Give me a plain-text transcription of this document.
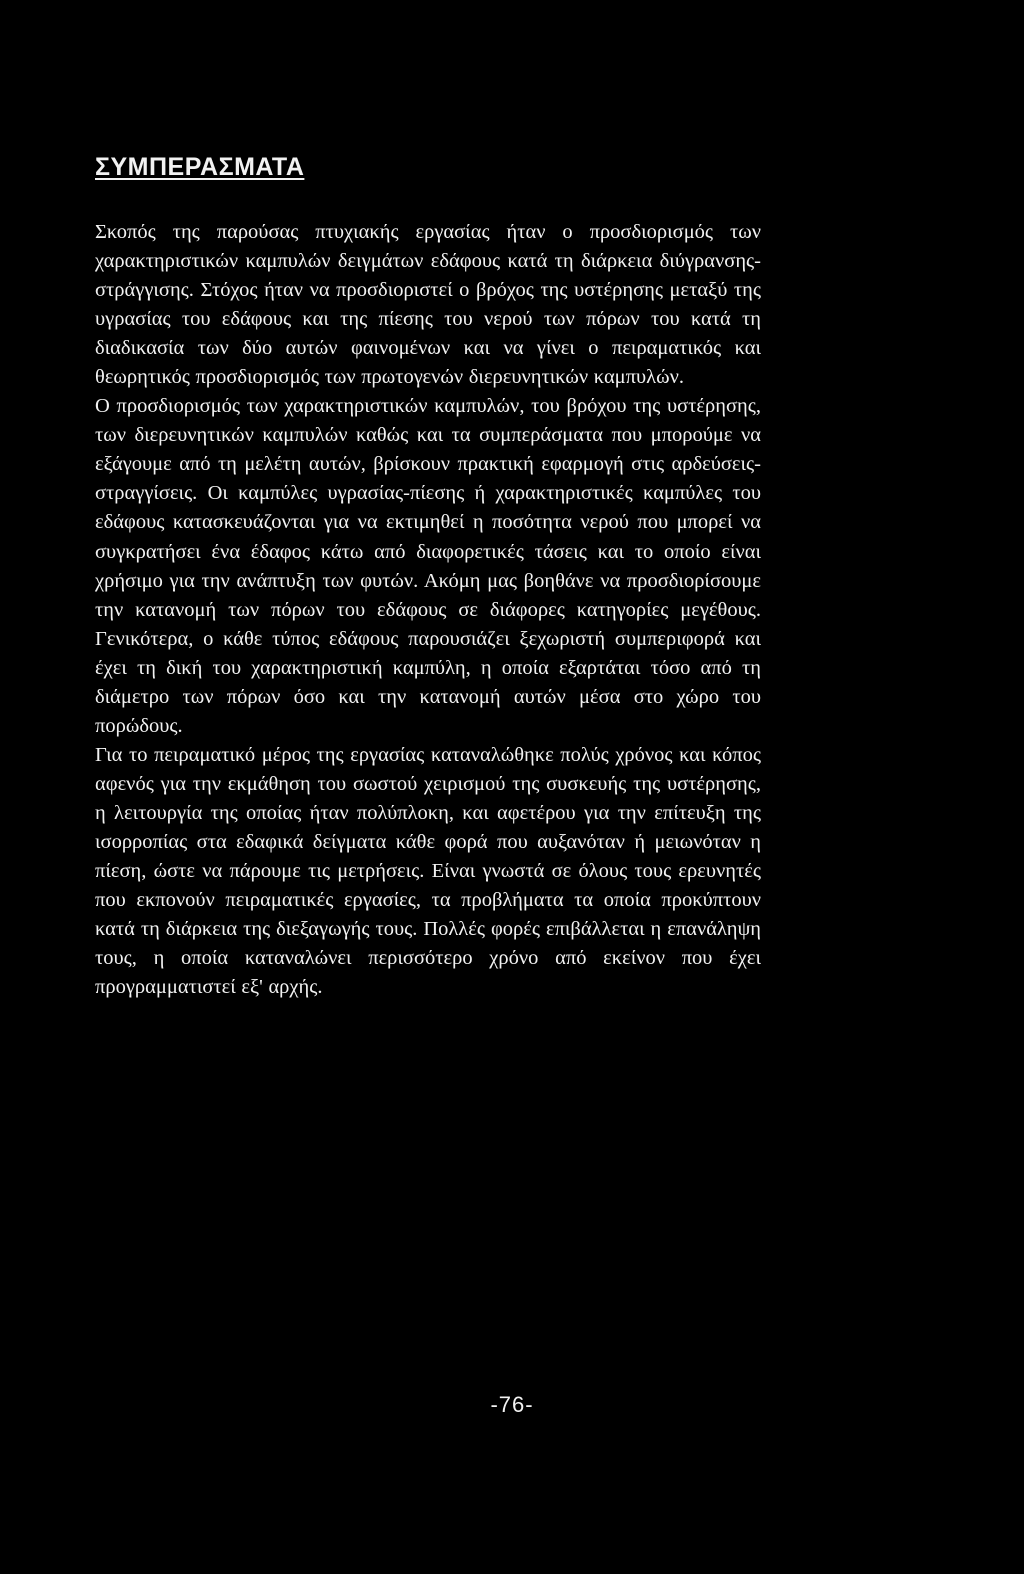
ΣΥΜΠΕΡΑΣΜΑΤΑ

Σκοπός της παρούσας πτυχιακής εργασίας ήταν ο προσδιορισμός των χαρακτηριστικών καμπυλών δειγμάτων εδάφους κατά τη διάρκεια διύγρανσης-στράγγισης. Στόχος ήταν να προσδιοριστεί ο βρόχος της υστέρησης μεταξύ της υγρασίας του εδάφους και της πίεσης του νερού των πόρων του κατά τη διαδικασία των δύο αυτών φαινομένων και να γίνει ο πειραματικός και θεωρητικός προσδιορισμός των πρωτογενών διερευνητικών καμπυλών.

Ο προσδιορισμός των χαρακτηριστικών καμπυλών, του βρόχου της υστέρησης, των διερευνητικών καμπυλών καθώς και τα συμπεράσματα που μπορούμε να εξάγουμε από τη μελέτη αυτών, βρίσκουν πρακτική εφαρμογή στις αρδεύσεις-στραγγίσεις. Οι καμπύλες υγρασίας-πίεσης ή χαρακτηριστικές καμπύλες του εδάφους κατασκευάζονται για να εκτιμηθεί η ποσότητα νερού που μπορεί να συγκρατήσει ένα έδαφος κάτω από διαφορετικές τάσεις και το οποίο είναι χρήσιμο για την ανάπτυξη των φυτών. Ακόμη μας βοηθάνε να προσδιορίσουμε την κατανομή των πόρων του εδάφους σε διάφορες κατηγορίες μεγέθους. Γενικότερα, ο κάθε τύπος εδάφους παρουσιάζει ξεχωριστή συμπεριφορά και έχει τη δική του χαρακτηριστική καμπύλη, η οποία εξαρτάται τόσο από τη διάμετρο των πόρων όσο και την κατανομή αυτών μέσα στο χώρο του πορώδους.

Για το πειραματικό μέρος της εργασίας καταναλώθηκε πολύς χρόνος και κόπος αφενός για την εκμάθηση του σωστού χειρισμού της συσκευής της υστέρησης, η λειτουργία της οποίας ήταν πολύπλοκη, και αφετέρου για την επίτευξη της ισορροπίας στα εδαφικά δείγματα κάθε φορά που αυξανόταν ή μειωνόταν η πίεση, ώστε να πάρουμε τις μετρήσεις. Είναι γνωστά σε όλους τους ερευνητές που εκπονούν πειραματικές εργασίες, τα προβλήματα τα οποία προκύπτουν κατά τη διάρκεια της διεξαγωγής τους. Πολλές φορές επιβάλλεται η επανάληψη τους, η οποία καταναλώνει περισσότερο χρόνο από εκείνον που έχει προγραμματιστεί εξ' αρχής.

-76-
